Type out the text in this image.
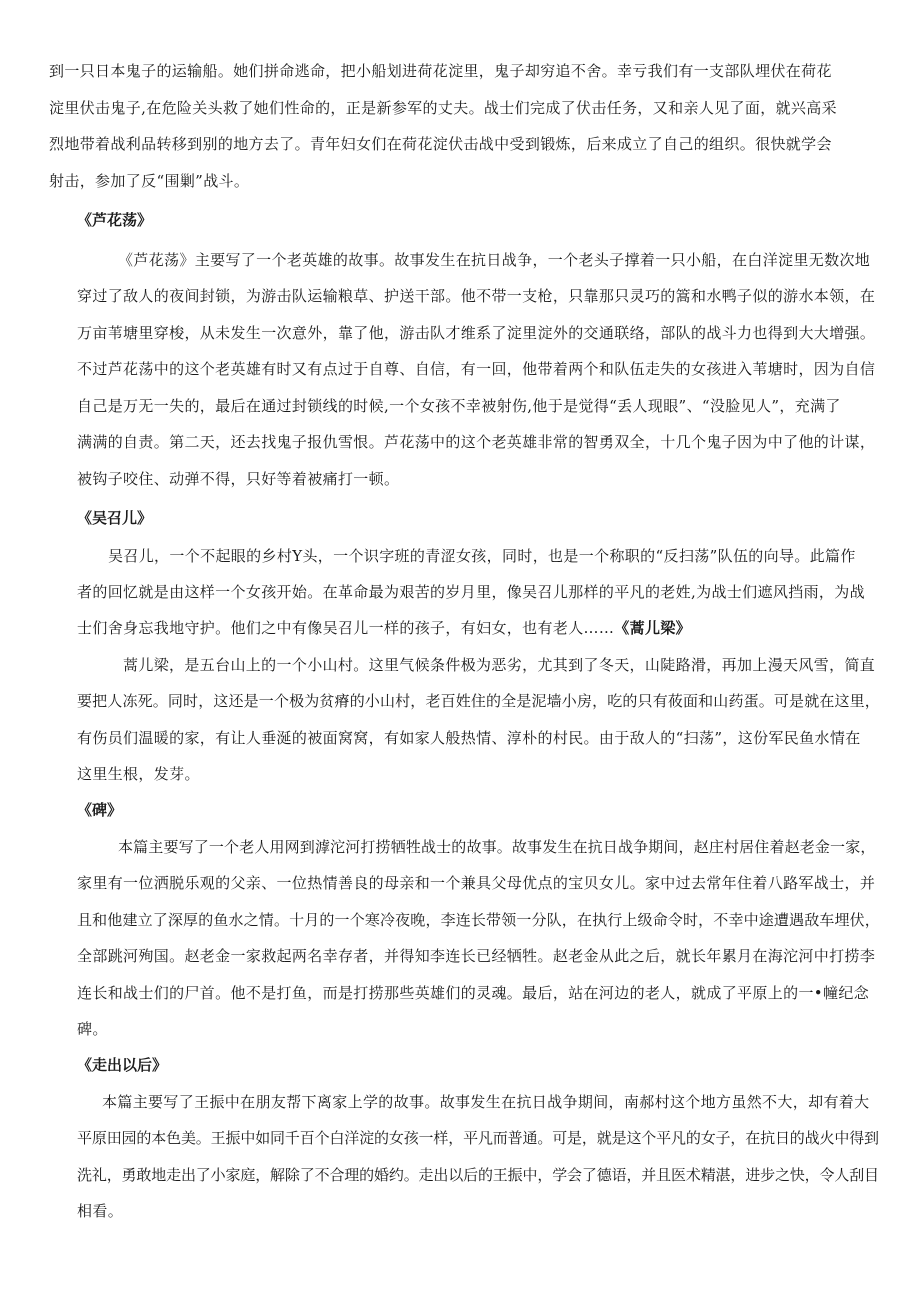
到一只日本鬼子的运输船。她们拼命逃命，把小船划进荷花淀里，鬼子却穷追不舍。幸亏我们有一支部队埋伏在荷花
淀里伏击鬼子,在危险关头救了她们性命的，正是新参军的丈夫。战士们完成了伏击任务，又和亲人见了面，就兴高采
烈地带着战利品转移到别的地方去了。青年妇女们在荷花淀伏击战中受到锻炼，后来成立了自己的组织。很快就学会
射击，参加了反“围剿”战斗。
《芦花荡》
《芦花荡》主要写了一个老英雄的故事。故事发生在抗日战争，一个老头子撑着一只小船，在白洋淀里无数次地
穿过了敌人的夜间封锁，为游击队运输粮草、护送干部。他不带一支枪，只靠那只灵巧的篙和水鸭子似的游水本领，在
万亩苇塘里穿梭，从未发生一次意外，靠了他，游击队才维系了淀里淀外的交通联络，部队的战斗力也得到大大增强。
不过芦花荡中的这个老英雄有时又有点过于自尊、自信，有一回，他带着两个和队伍走失的女孩进入苇塘时，因为自信
自己是万无一失的，最后在通过封锁线的时候,一个女孩不幸被射伤,他于是觉得“丢人现眼”、“没脸见人”，充满了
满满的自责。第二天，还去找鬼子报仇雪恨。芦花荡中的这个老英雄非常的智勇双全，十几个鬼子因为中了他的计谋，
被钩子咬住、动弹不得，只好等着被痛打一顿。
《吴召儿》
吴召儿，一个不起眼的乡村Y头，一个识字班的青涩女孩，同时，也是一个称职的“反扫荡”队伍的向导。此篇作
者的回忆就是由这样一个女孩开始。在革命最为艰苦的岁月里，像吴召儿那样的平凡的老姓,为战士们遮风挡雨，为战
士们舍身忘我地守护。他们之中有像吴召儿一样的孩子，有妇女，也有老人……《蒿儿梁》
蒿儿梁，是五台山上的一个小山村。这里气候条件极为恶劣，尤其到了冬天，山陡路滑，再加上漫天风雪，简直
要把人冻死。同时，这还是一个极为贫瘠的小山村，老百姓住的全是泥墙小房，吃的只有莜面和山药蛋。可是就在这里，
有伤员们温暖的家，有让人垂涎的被面窝窝，有如家人般热情、淳朴的村民。由于敌人的“扫荡”，这份军民鱼水情在
这里生根，发芽。
《碑》
本篇主要写了一个老人用网到滹沱河打捞牺牲战士的故事。故事发生在抗日战争期间，赵庄村居住着赵老金一家，
家里有一位洒脱乐观的父亲、一位热情善良的母亲和一个兼具父母优点的宝贝女儿。家中过去常年住着八路军战士，并
且和他建立了深厚的鱼水之情。十月的一个寒冷夜晚，李连长带领一分队，在执行上级命令时，不幸中途遭遇敌车埋伏，
全部跳河殉国。赵老金一家救起两名幸存者，并得知李连长已经牺牲。赵老金从此之后，就长年累月在海沱河中打捞李
连长和战士们的尸首。他不是打鱼，而是打捞那些英雄们的灵魂。最后，站在河边的老人，就成了平原上的一•幢纪念
碑。
《走出以后》
本篇主要写了王振中在朋友帮下离家上学的故事。故事发生在抗日战争期间，南郝村这个地方虽然不大，却有着大
平原田园的本色美。王振中如同千百个白洋淀的女孩一样，平凡而普通。可是，就是这个平凡的女子，在抗日的战火中得到
洗礼，勇敢地走出了小家庭，解除了不合理的婚约。走出以后的王振中，学会了德语，并且医术精湛，进步之快，令人刮目
相看。
